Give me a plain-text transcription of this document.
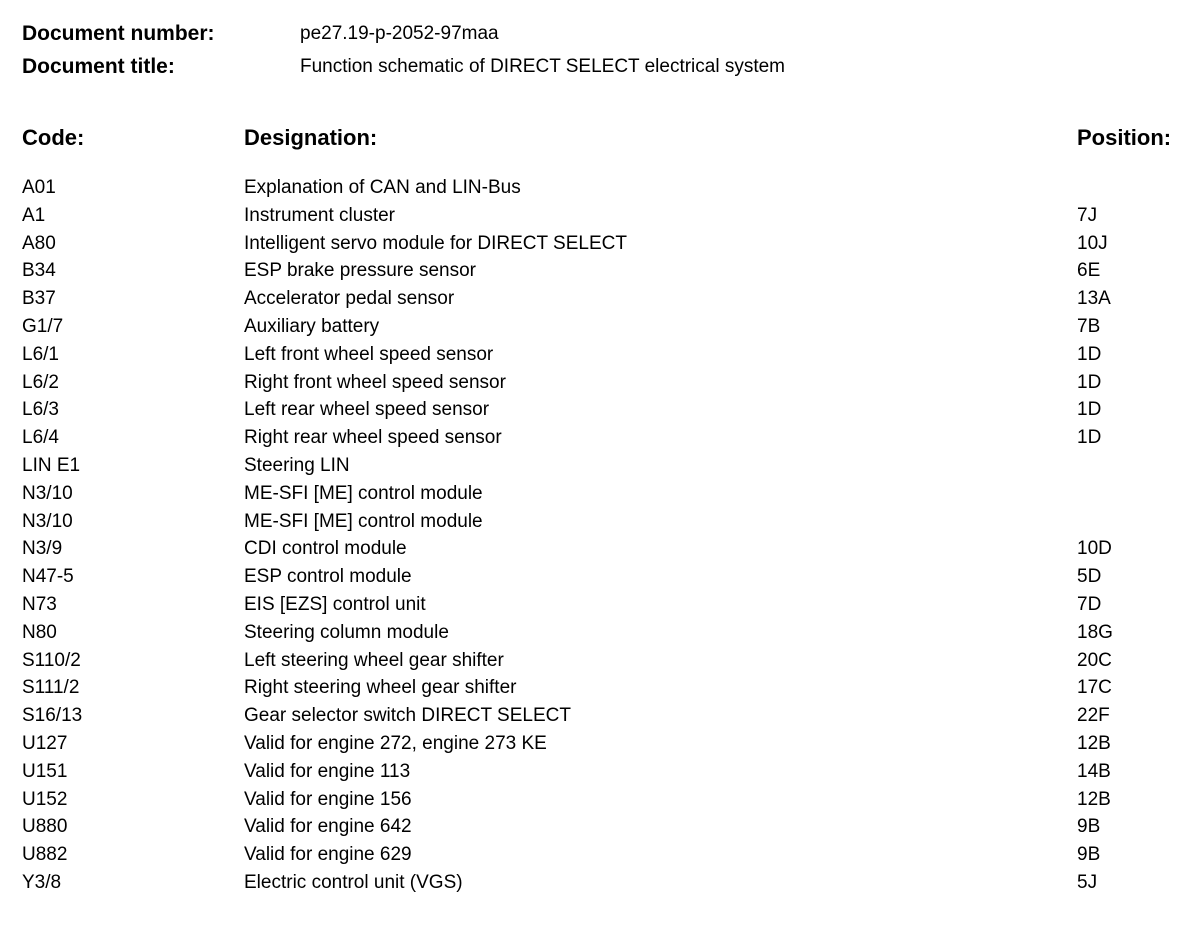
Document number:	pe27.19-p-2052-97maa
Document title:	Function schematic of DIRECT SELECT electrical system
Code:	Designation:	Position:
A01	Explanation of CAN and LIN-Bus
A1	Instrument cluster	7J
A80	Intelligent servo module for DIRECT SELECT	10J
B34	ESP brake pressure sensor	6E
B37	Accelerator pedal sensor	13A
G1/7	Auxiliary battery	7B
L6/1	Left front wheel speed sensor	1D
L6/2	Right front wheel speed sensor	1D
L6/3	Left rear wheel speed sensor	1D
L6/4	Right rear wheel speed sensor	1D
LIN E1	Steering LIN
N3/10	ME-SFI [ME] control module
N3/10	ME-SFI [ME] control module
N3/9	CDI control module	10D
N47-5	ESP control module	5D
N73	EIS [EZS] control unit	7D
N80	Steering column module	18G
S110/2	Left steering wheel gear shifter	20C
S111/2	Right steering wheel gear shifter	17C
S16/13	Gear selector switch DIRECT SELECT	22F
U127	Valid for engine 272, engine 273 KE	12B
U151	Valid for engine 113	14B
U152	Valid for engine 156	12B
U880	Valid for engine 642	9B
U882	Valid for engine 629	9B
Y3/8	Electric control unit (VGS)	5J
